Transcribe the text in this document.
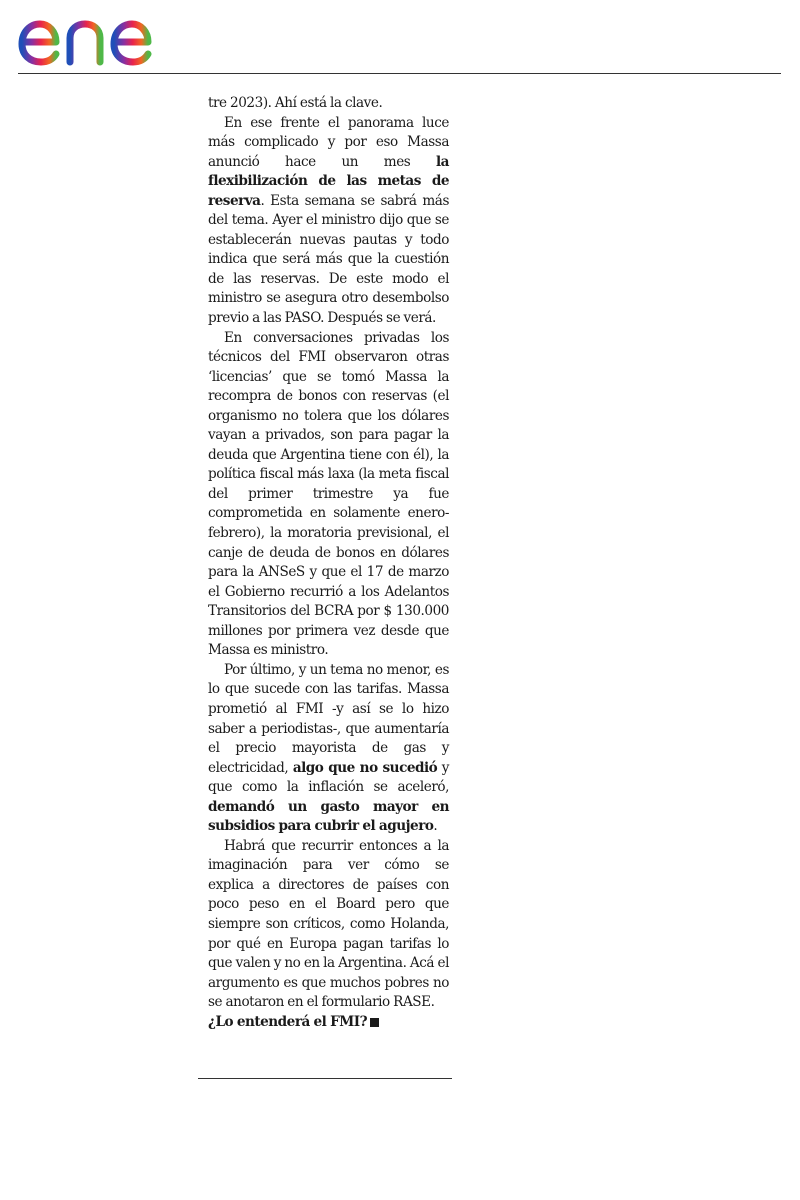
enel

tre 2023). Ahí está la clave.

En ese frente el panorama luce más complicado y por eso Massa anunció hace un mes la flexibilización de las metas de reserva. Esta semana se sabrá más del tema. Ayer el ministro dijo que se establecerán nuevas pautas y todo indica que será más que la cuestión de las reservas. De este modo el ministro se asegura otro desembolso previo a las PASO. Después se verá.

En conversaciones privadas los técnicos del FMI observaron otras ‘licencias’ que se tomó Massa la recompra de bonos con reservas (el organismo no tolera que los dólares vayan a privados, son para pagar la deuda que Argentina tiene con él), la política fiscal más laxa (la meta fiscal del primer trimestre ya fue comprometida en solamente enero-febrero), la moratoria previsional, el canje de deuda de bonos en dólares para la ANSeS y que el 17 de marzo el Gobierno recurrió a los Adelantos Transitorios del BCRA por $ 130.000 millones por primera vez desde que Massa es ministro.

Por último, y un tema no menor, es lo que sucede con las tarifas. Massa prometió al FMI -y así se lo hizo saber a periodistas-, que aumentaría el precio mayorista de gas y electricidad, algo que no sucedió y que como la inflación se aceleró, demandó un gasto mayor en subsidios para cubrir el agujero.

Habrá que recurrir entonces a la imaginación para ver cómo se explica a directores de países con poco peso en el Board pero que siempre son críticos, como Holanda, por qué en Europa pagan tarifas lo que valen y no en la Argentina. Acá el argumento es que muchos pobres no se anotaron en el formulario RASE.
¿Lo entenderá el FMI?
